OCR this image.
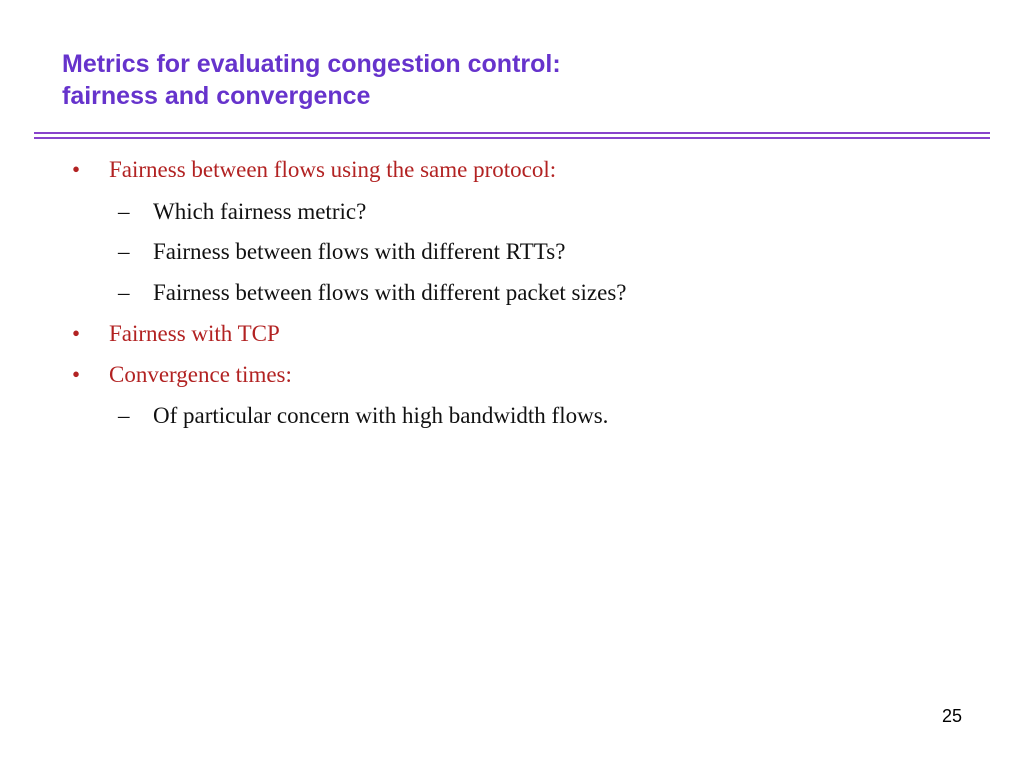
Metrics for evaluating congestion control:
fairness and convergence
• Fairness between flows using the same protocol:
– Which fairness metric?
– Fairness between flows with different RTTs?
– Fairness between flows with different packet sizes?
• Fairness with TCP
• Convergence times:
– Of particular concern with high bandwidth flows.
25
